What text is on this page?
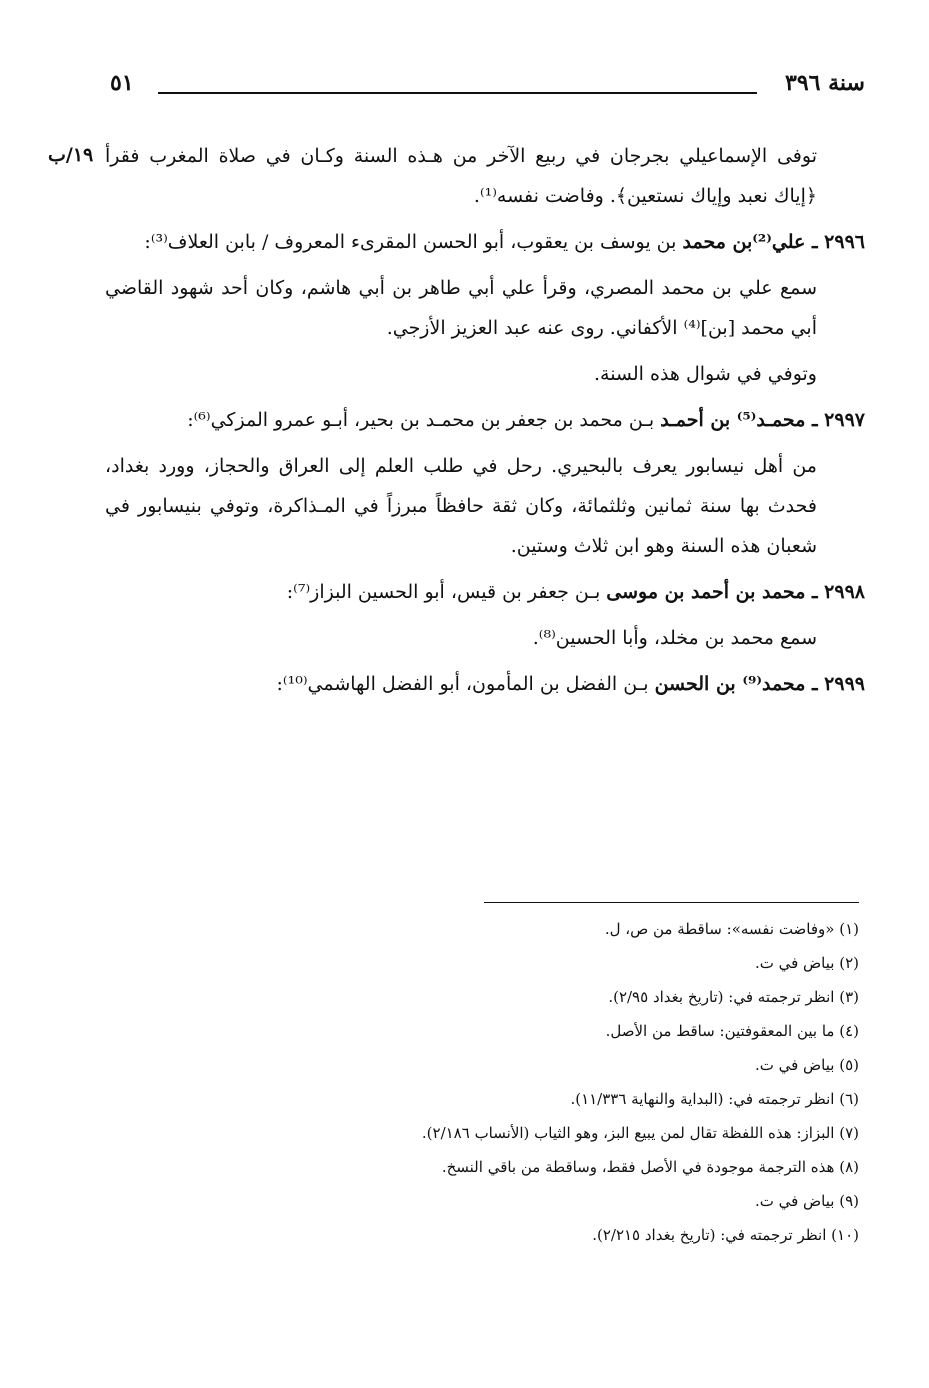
سنة ٣٩٦
٥١
١٩/ب	توفى الإسماعيلي بجرجان في ربيع الآخر من هـذه السنة وكـان في صلاة المغرب فقرأ ﴿إياك نعبد وإياك نستعين﴾. وفاضت نفسه⁽¹⁾.

٢٩٩٦ ـ علي⁽²⁾بن محمد بن يوسف بن يعقوب، أبو الحسن المقرىء المعروف / بابن العلاف⁽³⁾:

سمع علي بن محمد المصري، وقرأ علي أبي طاهر بن أبي هاشم، وكان أحد شهود القاضي أبي محمد [بن]⁽⁴⁾ الأكفاني. روى عنه عبد العزيز الأزجي.

وتوفي في شوال هذه السنة.

٢٩٩٧ ـ محمـد⁽⁵⁾ بن أحمـد بـن محمد بن جعفر بن محمـد بن بحير، أبـو عمرو المزكي⁽⁶⁾:

من أهل نيسابور يعرف بالبحيري. رحل في طلب العلم إلى العراق والحجاز، وورد بغداد، فحدث بها سنة ثمانين وثلثمائة، وكان ثقة حافظاً مبرزاً في المـذاكرة، وتوفي بنيسابور في شعبان هذه السنة وهو ابن ثلاث وستين.

٢٩٩٨ ـ محمد بن أحمد بن موسى بـن جعفر بن قيس، أبو الحسين البزاز⁽⁷⁾:

سمع محمد بن مخلد، وأبا الحسين⁽⁸⁾.

٢٩٩٩ ـ محمد⁽⁹⁾ بن الحسن بـن الفضل بن المأمون، أبو الفضل الهاشمي⁽¹⁰⁾:

(١) «وفاضت نفسه»: ساقطة من ص، ل.
(٢) بياض في ت.
(٣) انظر ترجمته في: (تاريخ بغداد ٢/٩٥).
(٤) ما بين المعقوفتين: ساقط من الأصل.
(٥) بياض في ت.
(٦) انظر ترجمته في: (البداية والنهاية ١١/٣٣٦).
(٧) البزاز: هذه اللفظة تقال لمن يبيع البز، وهو الثياب (الأنساب ٢/١٨٦).
(٨) هذه الترجمة موجودة في الأصل فقط، وساقطة من باقي النسخ.
(٩) بياض في ت.
(١٠) انظر ترجمته في: (تاريخ بغداد ٢/٢١٥).
